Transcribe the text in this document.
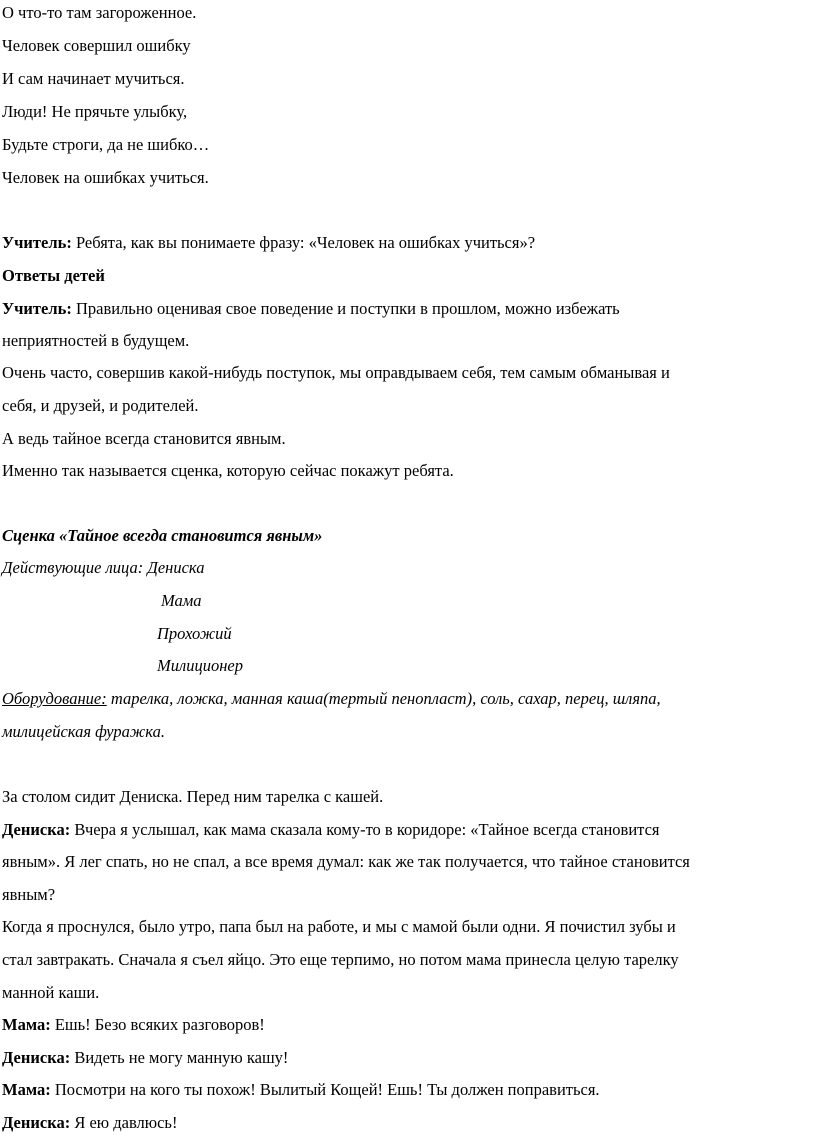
О что-то там загороженное.
Человек совершил ошибку
И сам начинает мучиться.
Люди! Не прячьте улыбку,
Будьте строги, да не шибко…
Человек на ошибках учиться.
Учитель: Ребята, как вы понимаете фразу: «Человек на ошибках учиться»?
Ответы детей
Учитель: Правильно оценивая свое поведение и поступки в прошлом, можно избежать
неприятностей в будущем.
Очень часто, совершив какой-нибудь поступок, мы оправдываем себя, тем самым обманывая и
себя, и друзей, и родителей.
А ведь тайное всегда становится явным.
Именно так называется сценка, которую сейчас покажут ребята.
Сценка «Тайное всегда становится явным»
Действующие лица: Дениска
Мама
Прохожий
Милиционер
Оборудование: тарелка, ложка, манная каша(тертый пенопласт), соль, сахар, перец, шляпа,
милицейская фуражка.
За столом сидит Дениска. Перед ним тарелка с кашей.
Дениска: Вчера я услышал, как мама сказала кому-то в коридоре: «Тайное всегда становится
явным». Я лег спать, но не спал, а все время думал: как же так получается, что тайное становится
явным?
Когда я проснулся, было утро, папа был на работе, и мы с мамой были одни. Я почистил зубы и
стал завтракать. Сначала я съел яйцо. Это еще терпимо, но потом мама принесла целую тарелку
манной каши.
Мама: Ешь! Безо всяких разговоров!
Дениска: Видеть не могу манную кашу!
Мама: Посмотри на кого ты похож! Вылитый Кощей! Ешь! Ты должен поправиться.
Дениска: Я ею давлюсь!
